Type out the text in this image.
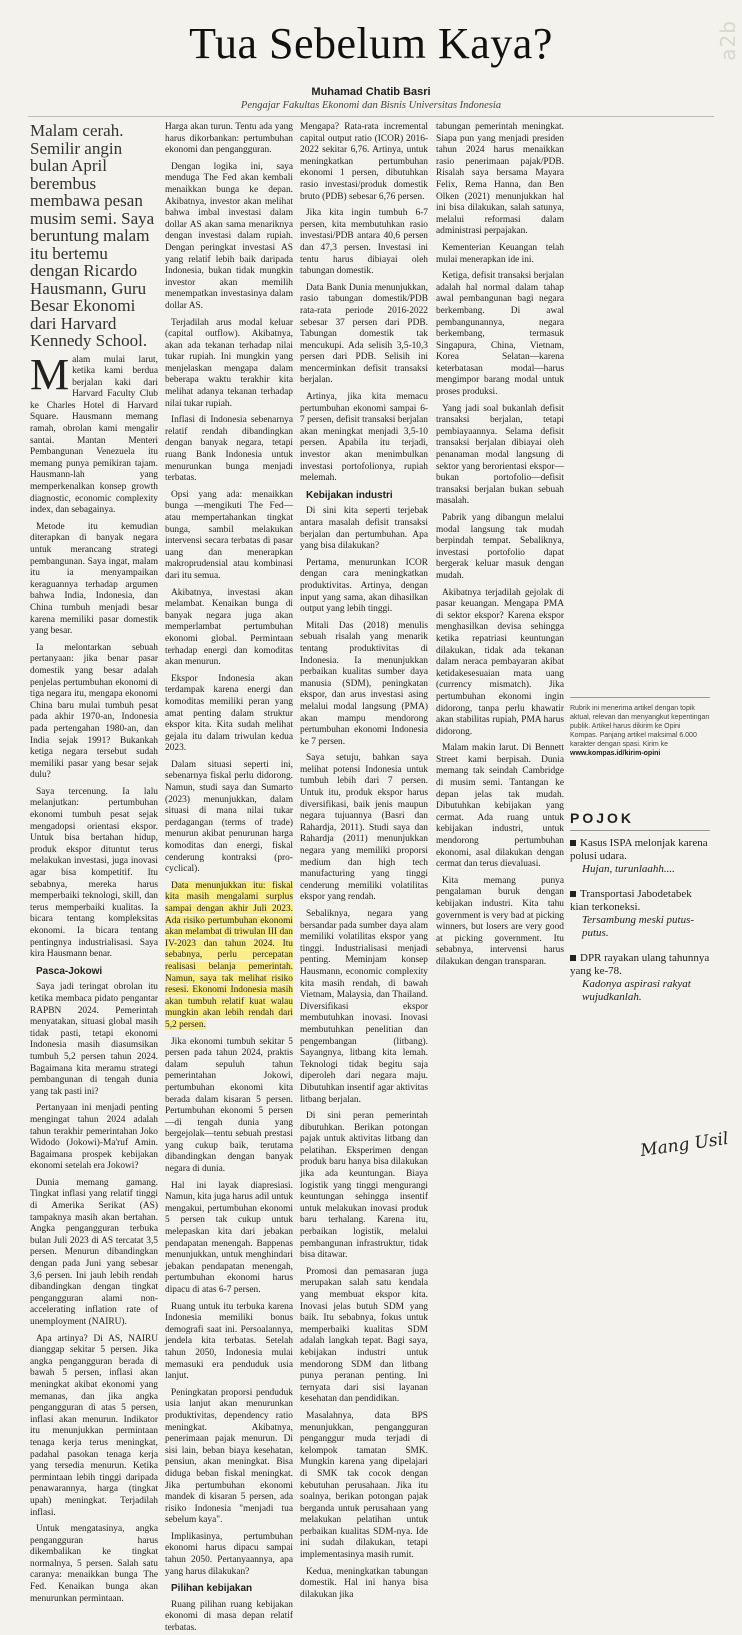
a2b
Tua Sebelum Kaya?

Muhamad Chatib Basri

Pengajar Fakultas Ekonomi dan Bisnis Universitas Indonesia

Malam cerah. Semilir angin bulan April berembus membawa pesan musim semi. Saya beruntung malam itu bertemu dengan Ricardo Hausmann, Guru Besar Ekonomi dari Harvard Kennedy School.

Malam mulai larut, ketika kami berdua berjalan kaki dari Harvard Faculty Club ke Charles Hotel di Harvard Square. Hausmann memang ramah, obrolan kami mengalir santai. Mantan Menteri Pembangunan Venezuela itu memang punya pemikiran tajam. Hausmann-lah yang memperkenalkan konsep growth diagnostic, economic complexity index, dan sebagainya.

Metode itu kemudian diterapkan di banyak negara untuk merancang strategi pembangunan. Saya ingat, malam itu ia menyampaikan keraguannya terhadap argumen bahwa India, Indonesia, dan China tumbuh menjadi besar karena memiliki pasar domestik yang besar.

Ia melontarkan sebuah pertanyaan: jika benar pasar domestik yang besar adalah penjelas pertumbuhan ekonomi di tiga negara itu, mengapa ekonomi China baru mulai tumbuh pesat pada akhir 1970-an, Indonesia pada pertengahan 1980-an, dan India sejak 1991? Bukankah ketiga negara tersebut sudah memiliki pasar yang besar sejak dulu?

Saya tercenung. Ia lalu melanjutkan: pertumbuhan ekonomi tumbuh pesat sejak mengadopsi orientasi ekspor. Untuk bisa bertahan hidup, produk ekspor dituntut terus melakukan investasi, juga inovasi agar bisa kompetitif. Itu sebabnya, mereka harus memperbaiki teknologi, skill, dan terus memperbaiki kualitas. Ia bicara tentang kompleksitas ekonomi. Ia bicara tentang pentingnya industrialisasi. Saya kira Hausmann benar.

Pasca-Jokowi

Saya jadi teringat obrolan itu ketika membaca pidato pengantar RAPBN 2024. Pemerintah menyatakan, situasi global masih tidak pasti, tetapi ekonomi Indonesia masih diasumsikan tumbuh 5,2 persen tahun 2024. Bagaimana kita meramu strategi pembangunan di tengah dunia yang tak pasti ini?

Pertanyaan ini menjadi penting mengingat tahun 2024 adalah tahun terakhir pemerintahan Joko Widodo (Jokowi)-Ma'ruf Amin. Bagaimana prospek kebijakan ekonomi setelah era Jokowi?

Dunia memang gamang. Tingkat inflasi yang relatif tinggi di Amerika Serikat (AS) tampaknya masih akan bertahan. Angka pengangguran terbuka bulan Juli 2023 di AS tercatat 3,5 persen. Menurun dibandingkan dengan pada Juni yang sebesar 3,6 persen. Ini jauh lebih rendah dibandingkan dengan tingkat pengangguran alami non-accelerating inflation rate of unemployment (NAIRU).

Apa artinya? Di AS, NAIRU dianggap sekitar 5 persen. Jika angka pengangguran berada di bawah 5 persen, inflasi akan meningkat akibat ekonomi yang memanas, dan jika angka pengangguran di atas 5 persen, inflasi akan menurun. Indikator itu menunjukkan permintaan tenaga kerja terus meningkat, padahal pasokan tenaga kerja yang tersedia menurun. Ketika permintaan lebih tinggi daripada penawarannya, harga (tingkat upah) meningkat. Terjadilah inflasi.

Untuk mengatasinya, angka pengangguran harus dikembalikan ke tingkat normalnya, 5 persen. Salah satu caranya: menaikkan bunga The Fed. Kenaikan bunga akan menurunkan permintaan.

Harga akan turun. Tentu ada yang harus dikorbankan: pertumbuhan ekonomi dan pengangguran.

Dengan logika ini, saya menduga The Fed akan kembali menaikkan bunga ke depan. Akibatnya, investor akan melihat bahwa imbal investasi dalam dollar AS akan sama menariknya dengan investasi dalam rupiah. Dengan peringkat investasi AS yang relatif lebih baik daripada Indonesia, bukan tidak mungkin investor akan memilih menempatkan investasinya dalam dollar AS.

Terjadilah arus modal keluar (capital outflow). Akibatnya, akan ada tekanan terhadap nilai tukar rupiah. Ini mungkin yang menjelaskan mengapa dalam beberapa waktu terakhir kita melihat adanya tekanan terhadap nilai tukar rupiah.

Inflasi di Indonesia sebenarnya relatif rendah dibandingkan dengan banyak negara, tetapi ruang Bank Indonesia untuk menurunkan bunga menjadi terbatas.

Opsi yang ada: menaikkan bunga —mengikuti The Fed—atau mempertahankan tingkat bunga, sambil melakukan intervensi secara terbatas di pasar uang dan menerapkan makroprudensial atau kombinasi dari itu semua.

Akibatnya, investasi akan melambat. Kenaikan bunga di banyak negara juga akan memperlambat pertumbuhan ekonomi global. Permintaan terhadap energi dan komoditas akan menurun.

Ekspor Indonesia akan terdampak karena energi dan komoditas memiliki peran yang amat penting dalam struktur ekspor kita. Kita sudah melihat gejala itu dalam triwulan kedua 2023.

Dalam situasi seperti ini, sebenarnya fiskal perlu didorong. Namun, studi saya dan Sumarto (2023) menunjukkan, dalam situasi di mana nilai tukar perdagangan (terms of trade) menurun akibat penurunan harga komoditas dan energi, fiskal cenderung kontraksi (pro-cyclical).

Data menunjukkan itu: fiskal kita masih mengalami surplus sampai dengan akhir Juli 2023. Ada risiko pertumbuhan ekonomi akan melambat di triwulan III dan IV-2023 dan tahun 2024. Itu sebabnya, perlu percepatan realisasi belanja pemerintah. Namun, saya tak melihat risiko resesi. Ekonomi Indonesia masih akan tumbuh relatif kuat walau mungkin akan lebih rendah dari 5,2 persen.

Jika ekonomi tumbuh sekitar 5 persen pada tahun 2024, praktis dalam sepuluh tahun pemerintahan Jokowi, pertumbuhan ekonomi kita berada dalam kisaran 5 persen. Pertumbuhan ekonomi 5 persen—di tengah dunia yang bergejolak—tentu sebuah prestasi yang cukup baik, terutama dibandingkan dengan banyak negara di dunia.

Hal ini layak diapresiasi. Namun, kita juga harus adil untuk mengakui, pertumbuhan ekonomi 5 persen tak cukup untuk melepaskan kita dari jebakan pendapatan menengah. Bappenas menunjukkan, untuk menghindari jebakan pendapatan menengah, pertumbuhan ekonomi harus dipacu di atas 6-7 persen.

Ruang untuk itu terbuka karena Indonesia memiliki bonus demografi saat ini. Persoalannya, jendela kita terbatas. Setelah tahun 2050, Indonesia mulai memasuki era penduduk usia lanjut.

Peningkatan proporsi penduduk usia lanjut akan menurunkan produktivitas, dependency ratio meningkat. Akibatnya, penerimaan pajak menurun. Di sisi lain, beban biaya kesehatan, pensiun, akan meningkat. Bisa diduga beban fiskal meningkat. Jika pertumbuhan ekonomi mandek di kisaran 5 persen, ada risiko Indonesia "menjadi tua sebelum kaya".

Implikasinya, pertumbuhan ekonomi harus dipacu sampai tahun 2050. Pertanyaannya, apa yang harus dilakukan?

Pilihan kebijakan

Ruang pilihan ruang kebijakan ekonomi di masa depan relatif terbatas.

Mengapa? Rata-rata incremental capital output ratio (ICOR) 2016-2022 sekitar 6,76. Artinya, untuk meningkatkan pertumbuhan ekonomi 1 persen, dibutuhkan rasio investasi/produk domestik bruto (PDB) sebesar 6,76 persen.

Jika kita ingin tumbuh 6-7 persen, kita membutuhkan rasio investasi/PDB antara 40,6 persen dan 47,3 persen. Investasi ini tentu harus dibiayai oleh tabungan domestik.

Data Bank Dunia menunjukkan, rasio tabungan domestik/PDB rata-rata periode 2016-2022 sebesar 37 persen dari PDB. Tabungan domestik tak mencukupi. Ada selisih 3,5-10,3 persen dari PDB. Selisih ini mencerminkan defisit transaksi berjalan.

Artinya, jika kita memacu pertumbuhan ekonomi sampai 6-7 persen, defisit transaksi berjalan akan meningkat menjadi 3,5-10 persen. Apabila itu terjadi, investor akan menimbulkan investasi portofolionya, rupiah melemah.

Kebijakan industri

Di sini kita seperti terjebak antara masalah defisit transaksi berjalan dan pertumbuhan. Apa yang bisa dilakukan?

Pertama, menurunkan ICOR dengan cara meningkatkan produktivitas. Artinya, dengan input yang sama, akan dihasilkan output yang lebih tinggi.

Mitali Das (2018) menulis sebuah risalah yang menarik tentang produktivitas di Indonesia. Ia menunjukkan perbaikan kualitas sumber daya manusia (SDM), peningkatan ekspor, dan arus investasi asing melalui modal langsung (PMA) akan mampu mendorong pertumbuhan ekonomi Indonesia ke 7 persen.

Saya setuju, bahkan saya melihat potensi Indonesia untuk tumbuh lebih dari 7 persen. Untuk itu, produk ekspor harus diversifikasi, baik jenis maupun negara tujuannya (Basri dan Rahardja, 2011). Studi saya dan Rahardja (2011) menunjukkan negara yang memiliki proporsi medium dan high tech manufacturing yang tinggi cenderung memiliki volatilitas ekspor yang rendah.

Sebaliknya, negara yang bersandar pada sumber daya alam memiliki volatilitas ekspor yang tinggi. Industrialisasi menjadi penting. Meminjam konsep Hausmann, economic complexity kita masih rendah, di bawah Vietnam, Malaysia, dan Thailand. Diversifikasi ekspor membutuhkan inovasi. Inovasi membutuhkan penelitian dan pengembangan (litbang). Sayangnya, litbang kita lemah. Teknologi tidak begitu saja diperoleh dari negara maju. Dibutuhkan insentif agar aktivitas litbang berjalan.

Di sini peran pemerintah dibutuhkan. Berikan potongan pajak untuk aktivitas litbang dan pelatihan. Eksperimen dengan produk baru hanya bisa dilakukan jika ada keuntungan. Biaya logistik yang tinggi mengurangi keuntungan sehingga insentif untuk melakukan inovasi produk baru terhalang. Karena itu, perbaikan logistik, melalui pembangunan infrastruktur, tidak bisa ditawar.

Promosi dan pemasaran juga merupakan salah satu kendala yang membuat ekspor kita. Inovasi jelas butuh SDM yang baik. Itu sebabnya, fokus untuk memperbaiki kualitas SDM adalah langkah tepat. Bagi saya, kebijakan industri untuk mendorong SDM dan litbang punya peranan penting. Ini ternyata dari sisi layanan kesehatan dan pendidikan.

Masalahnya, data BPS menunjukkan, pengangguran penganggur muda terjadi di kelompok tamatan SMK. Mungkin karena yang dipelajari di SMK tak cocok dengan kebutuhan perusahaan. Jika itu soalnya, berikan potongan pajak berganda untuk perusahaan yang melakukan pelatihan untuk perbaikan kualitas SDM-nya. Ide ini sudah dilakukan, tetapi implementasinya masih rumit.

Kedua, meningkatkan tabungan domestik. Hal ini hanya bisa dilakukan jika

tabungan pemerintah meningkat. Siapa pun yang menjadi presiden tahun 2024 harus menaikkan rasio penerimaan pajak/PDB. Risalah saya bersama Mayara Felix, Rema Hanna, dan Ben Olken (2021) menunjukkan hal ini bisa dilakukan, salah satunya, melalui reformasi dalam administrasi perpajakan.

Kementerian Keuangan telah mulai menerapkan ide ini.

Ketiga, defisit transaksi berjalan adalah hal normal dalam tahap awal pembangunan bagi negara berkembang. Di awal pembangunannya, negara berkembang, termasuk Singapura, China, Vietnam, Korea Selatan—karena keterbatasan modal—harus mengimpor barang modal untuk proses produksi.

Yang jadi soal bukanlah defisit transaksi berjalan, tetapi pembiayaannya. Selama defisit transaksi berjalan dibiayai oleh penanaman modal langsung di sektor yang berorientasi ekspor—bukan portofolio—defisit transaksi berjalan bukan sebuah masalah.

Pabrik yang dibangun melalui modal langsung tak mudah berpindah tempat. Sebaliknya, investasi portofolio dapat bergerak keluar masuk dengan mudah.

Akibatnya terjadilah gejolak di pasar keuangan. Mengapa PMA di sektor ekspor? Karena ekspor menghasilkan devisa sehingga ketika repatriasi keuntungan dilakukan, tidak ada tekanan dalam neraca pembayaran akibat ketidakesesuaian mata uang (currency mismatch). Jika pertumbuhan ekonomi ingin didorong, tanpa perlu khawatir akan stabilitas rupiah, PMA harus didorong.

Malam makin larut. Di Bennett Street kami berpisah. Dunia memang tak seindah Cambridge di musim semi. Tantangan ke depan jelas tak mudah. Dibutuhkan kebijakan yang cermat. Ada ruang untuk kebijakan industri, untuk mendorong pertumbuhan ekonomi, asal dilakukan dengan cermat dan terus dievaluasi.

Kita memang punya pengalaman buruk dengan kebijakan industri. Kita tahu government is very bad at picking winners, but losers are very good at picking government. Itu sebabnya, intervensi harus dilakukan dengan transparan.

Rubrik ini menerima artikel dengan topik aktual, relevan dan menyangkut kepentingan publik. Artikel harus dikirim ke Opini Kompas. Panjang artikel maksimal 6.000 karakter dengan spasi. Kirim ke www.kompas.id/kirim-opini
POJOK
Kasus ISPA melonjak karena polusi udara.
Hujan, turunlaahh....
Transportasi Jabodetabek kian terkoneksi.
Tersambung meski putus-putus.
DPR rayakan ulang tahunnya yang ke-78.
Kadonya aspirasi rakyat wujudkanlah.
Mang Usil
